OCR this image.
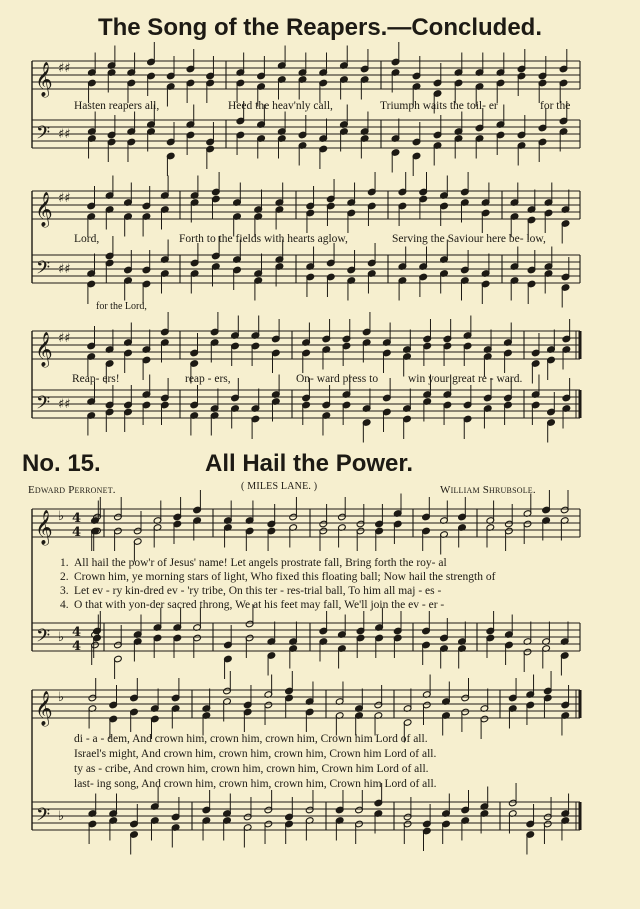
𝄞
𝄢
♯♯
♯♯
𝄞
𝄢
♯♯
♯♯
𝄞
𝄢
♯♯
♯♯
𝄞
𝄢
♭
♭
4
4
4
4
𝄞
𝄢
♭
♭
The Song of the Reapers.—Concluded.
Hasten reapers all,	Heed the heav'nly call,	Triumph waits the toil- er	for the
Lord,	Forth to the fields with hearts aglow,	Serving the Saviour here be- low,
for the Lord,
Reap- ers!	reap - ers,	On- ward press to	win your great re - ward.
No. 15.	All Hail the Power.
( MILES LANE. )
Edward Perronet.	William Shrubsole.
1. All hail the pow'r of Jesus' name! Let angels prostrate fall, Bring forth the roy- al
2. Crown him, ye morning stars of light, Who fixed this floating ball; Now hail the strength of
3. Let ev - ry kin-dred ev - 'ry tribe, On this ter - res-trial ball, To him all maj - es -
4. O that with yon-der sacred throng, We at his feet may fall, We'll join the ev - er -
di - a - dem, And crown him, crown him, crown him, Crown him Lord of all.
Israel's might, And crown him, crown him, crown him, Crown him Lord of all.
ty as - cribe, And crown him, crown him, crown him, Crown him Lord of all.
last- ing song, And crown him, crown him, crown him, Crown him Lord of all.
